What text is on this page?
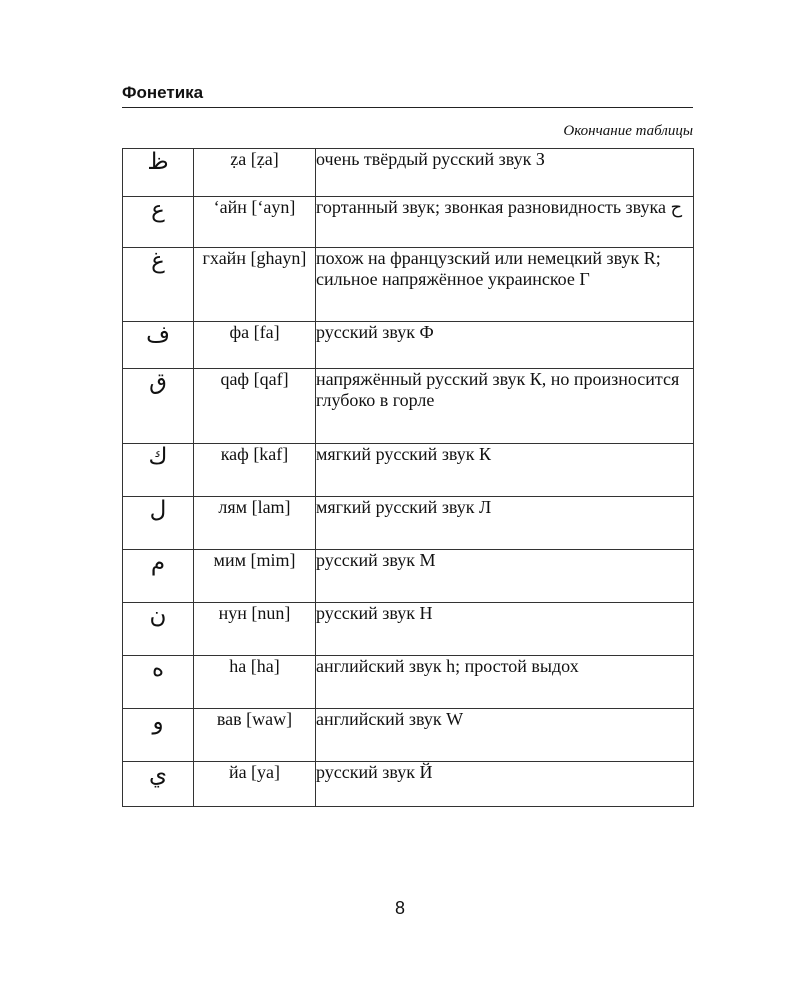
Фонетика
Окончание таблицы
ظ	ẓa [ẓa]	очень твёрдый русский звук З
ع	‘айн [‘ayn]	гортанный звук; звонкая разновидность звука ح
غ	гхайн [ghayn]	похож на французский или немецкий звук R; сильное напряжённое украинское Г
ف	фа [fa]	русский звук Ф
ق	qаф [qaf]	напряжённый русский звук К, но произносится глубоко в горле
ك	каф [kaf]	мягкий русский звук К
ل	лям [lam]	мягкий русский звук Л
م	мим [mim]	русский звук М
ن	нун [nun]	русский звук Н
ه	ha [ha]	английский звук h; простой выдох
و	вав [waw]	английский звук W
ي	йа [ya]	русский звук Й
8
